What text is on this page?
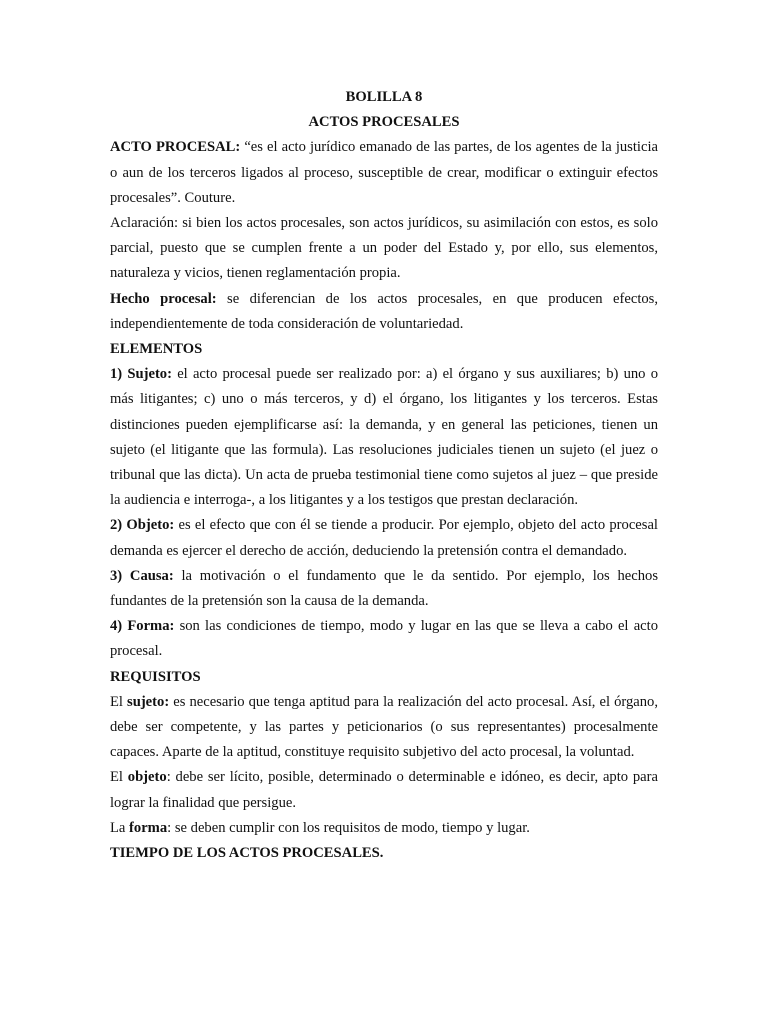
BOLILLA 8

ACTOS PROCESALES

ACTO PROCESAL: “es el acto jurídico emanado de las partes, de los agentes de la justicia o aun de los terceros ligados al proceso, susceptible de crear, modificar o extinguir efectos procesales”. Couture.

Aclaración: si bien los actos procesales, son actos jurídicos, su asimilación con estos, es solo parcial, puesto que se cumplen frente a un poder del Estado y, por ello, sus elementos, naturaleza y vicios, tienen reglamentación propia.

Hecho procesal: se diferencian de los actos procesales, en que producen efectos, independientemente de toda consideración de voluntariedad.

ELEMENTOS

1) Sujeto: el acto procesal puede ser realizado por: a) el órgano y sus auxiliares; b) uno o más litigantes; c) uno o más terceros, y d) el órgano, los litigantes y los terceros. Estas distinciones pueden ejemplificarse así: la demanda, y en general las peticiones, tienen un sujeto (el litigante que las formula). Las resoluciones judiciales tienen un sujeto (el juez o tribunal que las dicta). Un acta de prueba testimonial tiene como sujetos al juez – que preside la audiencia e interroga-, a los litigantes y a los testigos que prestan declaración.

2) Objeto: es el efecto que con él se tiende a producir. Por ejemplo, objeto del acto procesal demanda es ejercer el derecho de acción, deduciendo la pretensión contra el demandado.

3) Causa: la motivación o el fundamento que le da sentido. Por ejemplo, los hechos fundantes de la pretensión son la causa de la demanda.

4) Forma: son las condiciones de tiempo, modo y lugar en las que se lleva a cabo el acto procesal.

REQUISITOS

El sujeto: es necesario que tenga aptitud para la realización del acto procesal. Así, el órgano, debe ser competente, y las partes y peticionarios (o sus representantes) procesalmente capaces. Aparte de la aptitud, constituye requisito subjetivo del acto procesal, la voluntad.

El objeto: debe ser lícito, posible, determinado o determinable e idóneo, es decir, apto para lograr la finalidad que persigue.

La forma: se deben cumplir con los requisitos de modo, tiempo y lugar.

TIEMPO DE LOS ACTOS PROCESALES.
